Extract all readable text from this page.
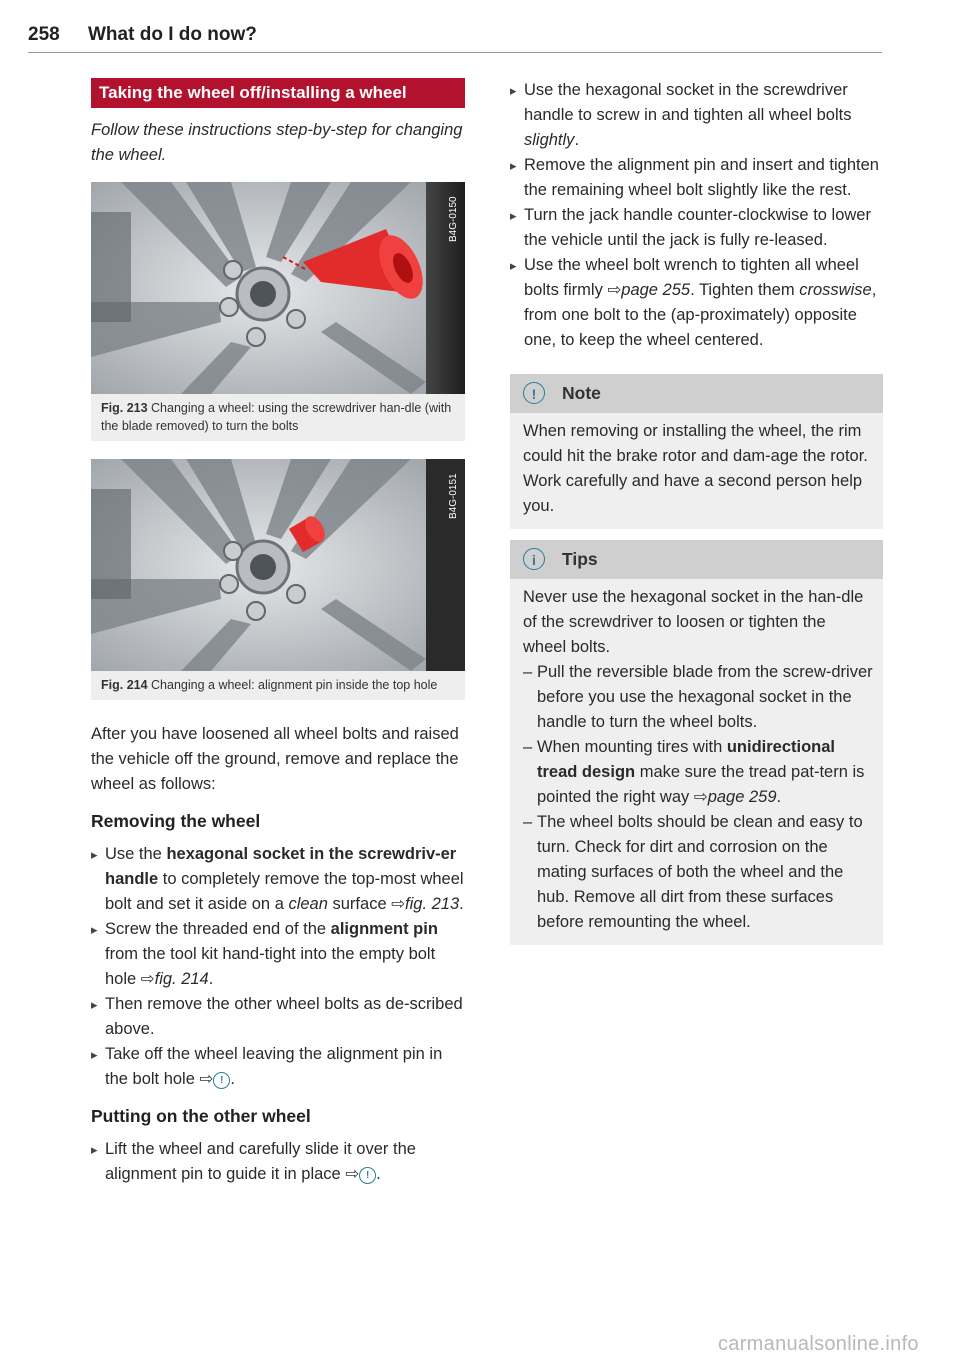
258 What do I do now?
Taking the wheel off/installing a wheel

Follow these instructions step-by-step for changing the wheel.

B4G-0150
Fig. 213 Changing a wheel: using the screwdriver han-dle (with the blade removed) to turn the bolts
B4G-0151
Fig. 214 Changing a wheel: alignment pin inside the top hole

After you have loosened all wheel bolts and raised the vehicle off the ground, remove and replace the wheel as follows:

Removing the wheel
▸ Use the hexagonal socket in the screwdriv-er handle to completely remove the top-most wheel bolt and set it aside on a clean surface ⇨fig. 213.
▸ Screw the threaded end of the alignment pin from the tool kit hand-tight into the empty bolt hole ⇨fig. 214.
▸ Then remove the other wheel bolts as de-scribed above.
▸ Take off the wheel leaving the alignment pin in the bolt hole ⇨ ! .
Putting on the other wheel
▸ Lift the wheel and carefully slide it over the alignment pin to guide it in place ⇨ ! .
▸ Use the hexagonal socket in the screwdriver handle to screw in and tighten all wheel bolts slightly.
▸ Remove the alignment pin and insert and tighten the remaining wheel bolt slightly like the rest.
▸ Turn the jack handle counter-clockwise to lower the vehicle until the jack is fully re-leased.
▸ Use the wheel bolt wrench to tighten all wheel bolts firmly ⇨page 255. Tighten them crosswise, from one bolt to the (ap-proximately) opposite one, to keep the wheel centered.
!	Note

When removing or installing the wheel, the rim could hit the brake rotor and dam-age the rotor. Work carefully and have a second person help you.

i	Tips

Never use the hexagonal socket in the han-dle of the screwdriver to loosen or tighten the wheel bolts.

– Pull the reversible blade from the screw-driver before you use the hexagonal socket in the handle to turn the wheel bolts.
– When mounting tires with unidirectional tread design make sure the tread pat-tern is pointed the right way ⇨page 259.
– The wheel bolts should be clean and easy to turn. Check for dirt and corrosion on the mating surfaces of both the wheel and the hub. Remove all dirt from these surfaces before remounting the wheel.
carmanualsonline.info
